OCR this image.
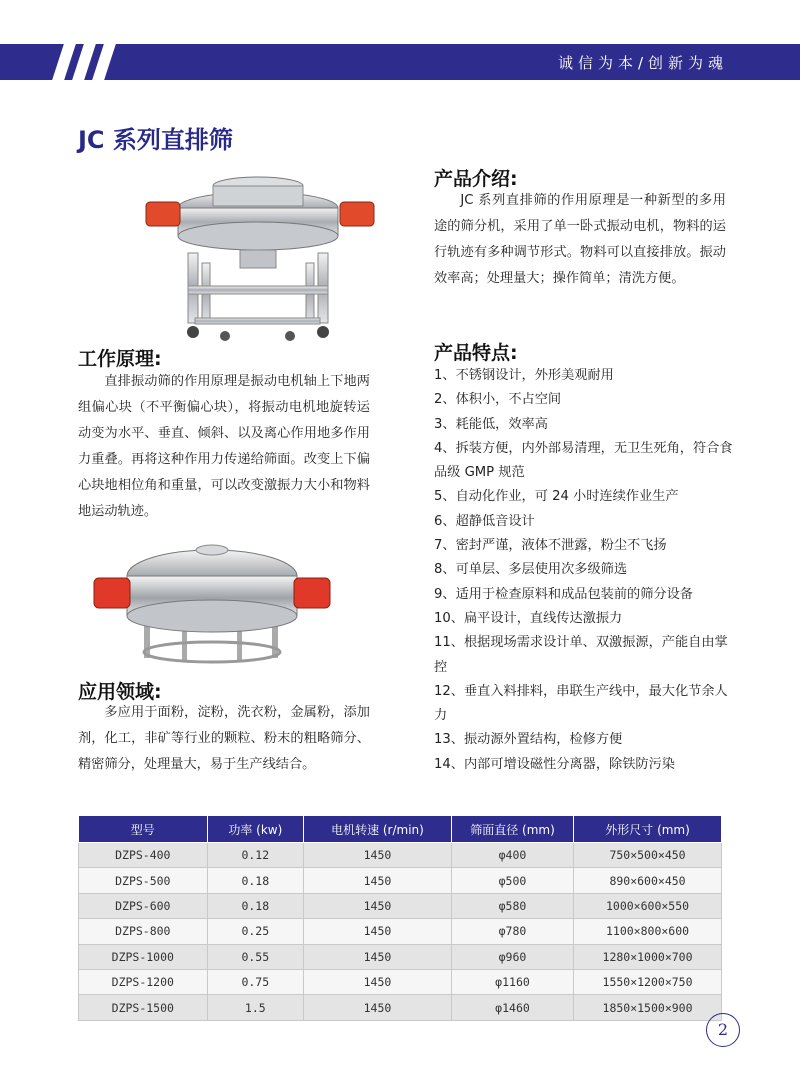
诚信为本/创新为魂
JC 系列直排筛
工作原理:

直排振动筛的作用原理是振动电机轴上下地两组偏心块（不平衡偏心块），将振动电机地旋转运动变为水平、垂直、倾斜、以及离心作用地多作用力重叠。再将这种作用力传递给筛面。改变上下偏心块地相位角和重量，可以改变激振力大小和物料地运动轨迹。

应用领域:

多应用于面粉，淀粉，洗衣粉，金属粉，添加剂，化工，非矿等行业的颗粒、粉末的粗略筛分、精密筛分，处理量大，易于生产线结合。

产品介绍:

JC 系列直排筛的作用原理是一种新型的多用途的筛分机，采用了单一卧式振动电机，物料的运行轨迹有多种调节形式。物料可以直接排放。振动效率高；处理量大；操作简单；清洗方便。

产品特点:
1、不锈钢设计，外形美观耐用
2、体积小，不占空间
3、耗能低，效率高
4、拆装方便，内外部易清理，无卫生死角，符合食品级 GMP 规范
5、自动化作业，可 24 小时连续作业生产
6、超静低音设计
7、密封严谨，液体不泄露，粉尘不飞扬
8、可单层、多层使用次多级筛选
9、适用于检查原料和成品包装前的筛分设备
10、扁平设计，直线传达激振力
11、根据现场需求设计单、双激振源，产能自由掌控
12、垂直入料排料，串联生产线中，最大化节余人力
13、振动源外置结构，检修方便
14、内部可增设磁性分离器，除铁防污染
型号	功率 (kw)	电机转速 (r/min)	筛面直径 (mm)	外形尺寸 (mm)
DZPS-400	0.12	1450	φ400	750×500×450
DZPS-500	0.18	1450	φ500	890×600×450
DZPS-600	0.18	1450	φ580	1000×600×550
DZPS-800	0.25	1450	φ780	1100×800×600
DZPS-1000	0.55	1450	φ960	1280×1000×700
DZPS-1200	0.75	1450	φ1160	1550×1200×750
DZPS-1500	1.5	1450	φ1460	1850×1500×900
2
